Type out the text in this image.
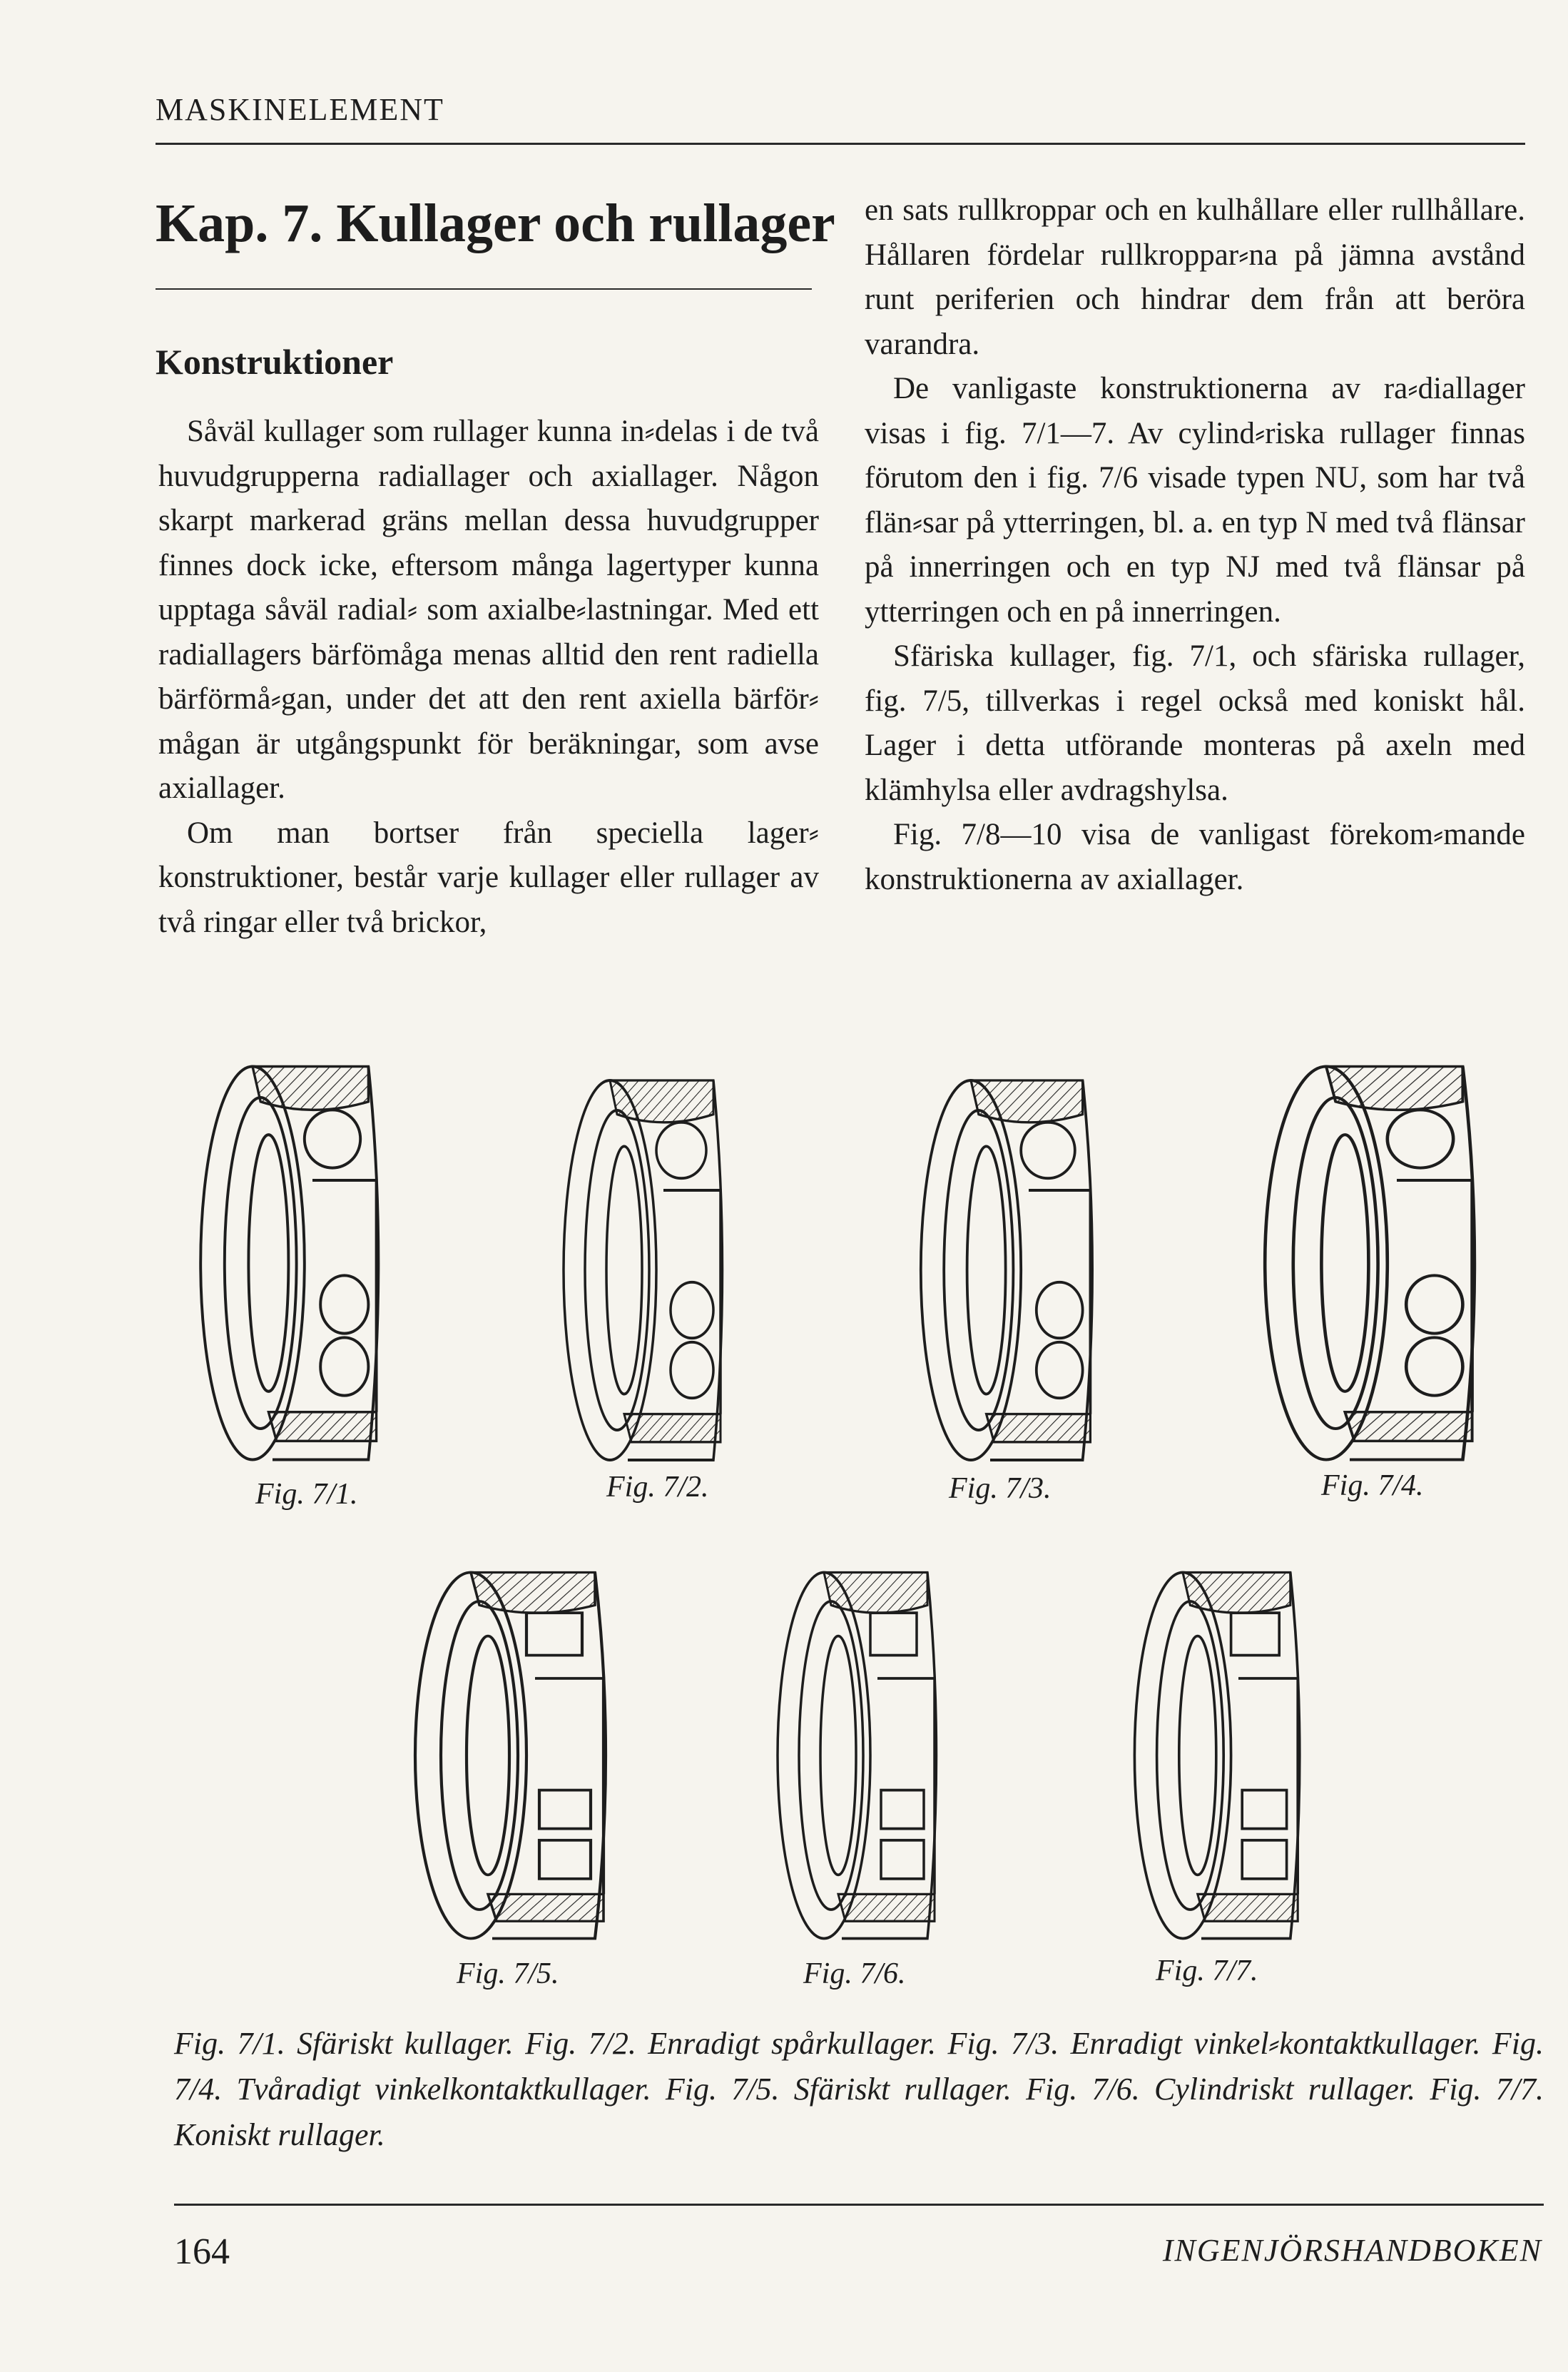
MASKINELEMENT
Kap. 7. Kullager och rullager
Konstruktioner

Såväl kullager som rullager kunna in⸗delas i de två huvudgrupperna radiallager och axiallager. Någon skarpt markerad gräns mellan dessa huvudgrupper finnes dock icke, eftersom många lagertyper kunna upptaga såväl radial⸗ som axialbe⸗lastningar. Med ett radiallagers bärfömåga menas alltid den rent radiella bärförmå⸗gan, under det att den rent axiella bärför⸗mågan är utgångspunkt för beräkningar, som avse axiallager.

Om man bortser från speciella lager⸗konstruktioner, består varje kullager eller rullager av två ringar eller två brickor,

en sats rullkroppar och en kulhållare eller rullhållare. Hållaren fördelar rullkroppar⸗na på jämna avstånd runt periferien och hindrar dem från att beröra varandra.

De vanligaste konstruktionerna av ra⸗diallager visas i fig. 7/1—7. Av cylind⸗riska rullager finnas förutom den i fig. 7/6 visade typen NU, som har två flän⸗sar på ytterringen, bl. a. en typ N med två flänsar på innerringen och en typ NJ med två flänsar på ytterringen och en på innerringen.

Sfäriska kullager, fig. 7/1, och sfäriska rullager, fig. 7/5, tillverkas i regel också med koniskt hål. Lager i detta utförande monteras på axeln med klämhylsa eller avdragshylsa.

Fig. 7/8—10 visa de vanligast förekom⸗mande konstruktionerna av axiallager.

Fig. 7/1.	Fig. 7/2.	Fig. 7/3.	Fig. 7/4.
Fig. 7/5.	Fig. 7/6.	Fig. 7/7.
Fig. 7/1. Sfäriskt kullager. Fig. 7/2. Enradigt spårkullager. Fig. 7/3. Enradigt vinkel⸗kontaktkullager. Fig. 7/4. Tvåradigt vinkelkontaktkullager. Fig. 7/5. Sfäriskt rullager. Fig. 7/6. Cylindriskt rullager. Fig. 7/7. Koniskt rullager.
164	INGENJÖRSHANDBOKEN
